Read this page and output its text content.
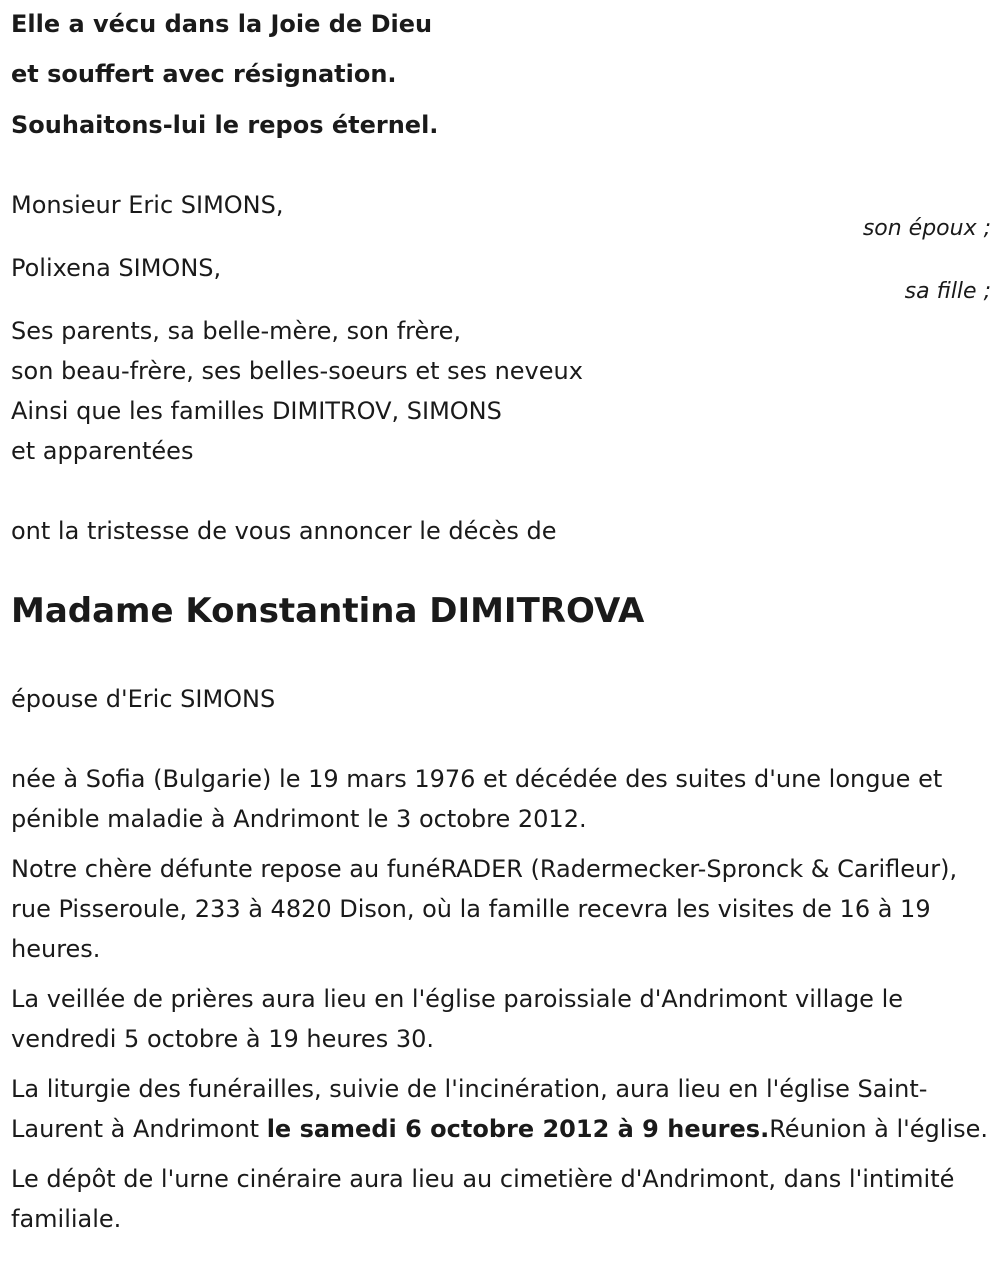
Elle a vécu dans la Joie de Dieu
et souffert avec résignation.
Souhaitons-lui le repos éternel.
Monsieur Eric SIMONS,
son époux ;
Polixena SIMONS,
sa fille ;
Ses parents, sa belle-mère, son frère,
son beau-frère, ses belles-soeurs et ses neveux
Ainsi que les familles DIMITROV, SIMONS
et apparentées
ont la tristesse de vous annoncer le décès de
Madame Konstantina DIMITROVA
épouse d'Eric SIMONS

née à Sofia (Bulgarie) le 19 mars 1976 et décédée des suites d'une longue et pénible maladie à Andrimont le 3 octobre 2012.

Notre chère défunte repose au funéRADER (Radermecker-Spronck & Carifleur), rue Pisseroule, 233 à 4820 Dison, où la famille recevra les visites de 16 à 19 heures.

La veillée de prières aura lieu en l'église paroissiale d'Andrimont village le vendredi 5 octobre à 19 heures 30.

La liturgie des funérailles, suivie de l'incinération, aura lieu en l'église Saint-Laurent à Andrimont le samedi 6 octobre 2012 à 9 heures.Réunion à l'église.

Le dépôt de l'urne cinéraire aura lieu au cimetière d'Andrimont, dans l'intimité familiale.
